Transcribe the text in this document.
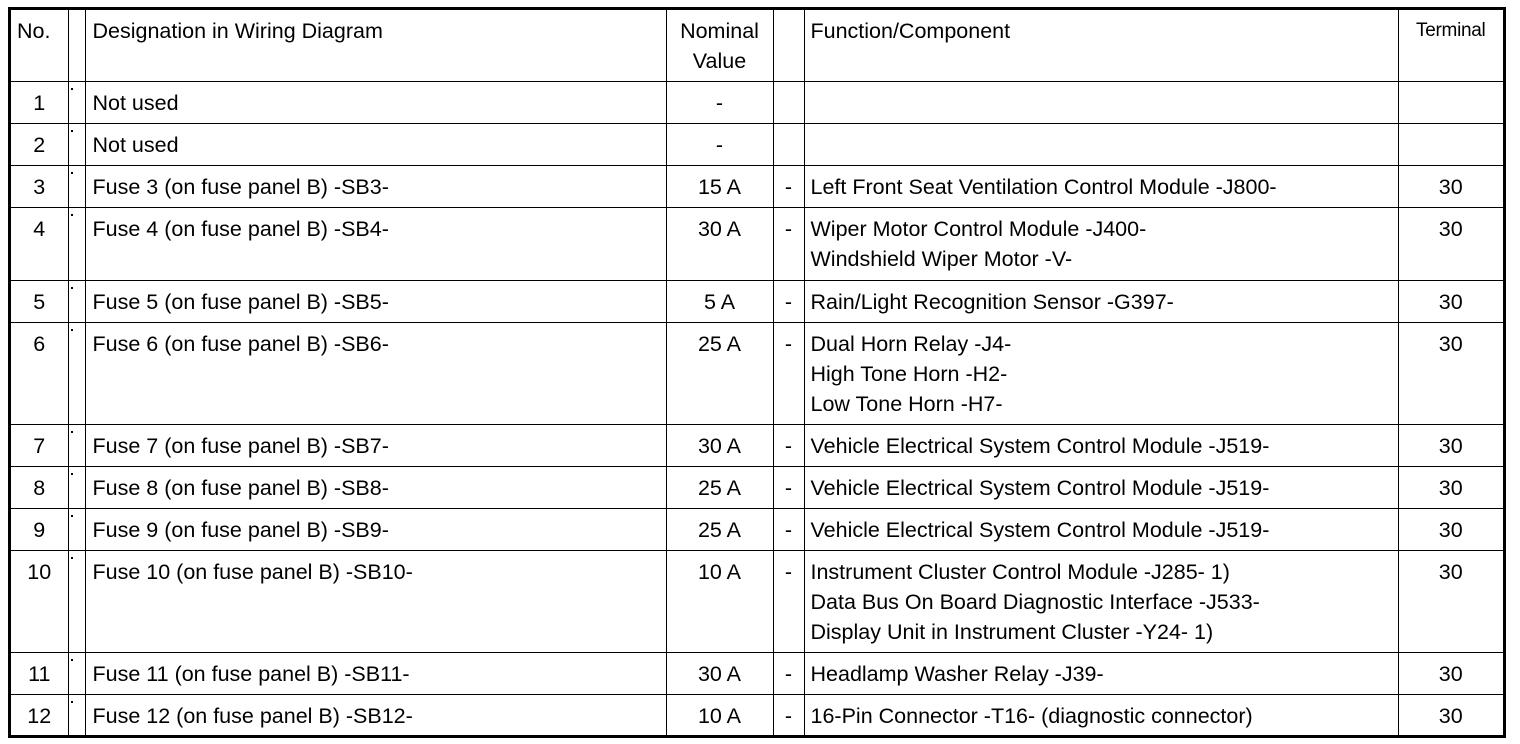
No.		Designation in Wiring Diagram	Nominal
Value		Function/Component	Terminal

1		Not used	-			

2		Not used	-			

3		Fuse 3 (on fuse panel B) -SB3-	15 A	-	Left Front Seat Ventilation Control Module -J800-	30

4		Fuse 4 (on fuse panel B) -SB4-	30 A	-	Wiper Motor Control Module -J400-
Windshield Wiper Motor -V-	30

5		Fuse 5 (on fuse panel B) -SB5-	5 A	-	Rain/Light Recognition Sensor -G397-	30

6		Fuse 6 (on fuse panel B) -SB6-	25 A	-	Dual Horn Relay -J4-
High Tone Horn -H2-
Low Tone Horn -H7-	30

7		Fuse 7 (on fuse panel B) -SB7-	30 A	-	Vehicle Electrical System Control Module -J519-	30

8		Fuse 8 (on fuse panel B) -SB8-	25 A	-	Vehicle Electrical System Control Module -J519-	30

9		Fuse 9 (on fuse panel B) -SB9-	25 A	-	Vehicle Electrical System Control Module -J519-	30

10		Fuse 10 (on fuse panel B) -SB10-	10 A	-	Instrument Cluster Control Module -J285- 1)
Data Bus On Board Diagnostic Interface -J533-
Display Unit in Instrument Cluster -Y24- 1)	30

11		Fuse 11 (on fuse panel B) -SB11-	30 A	-	Headlamp Washer Relay -J39-	30

12		Fuse 12 (on fuse panel B) -SB12-	10 A	-	16-Pin Connector -T16- (diagnostic connector)	30
